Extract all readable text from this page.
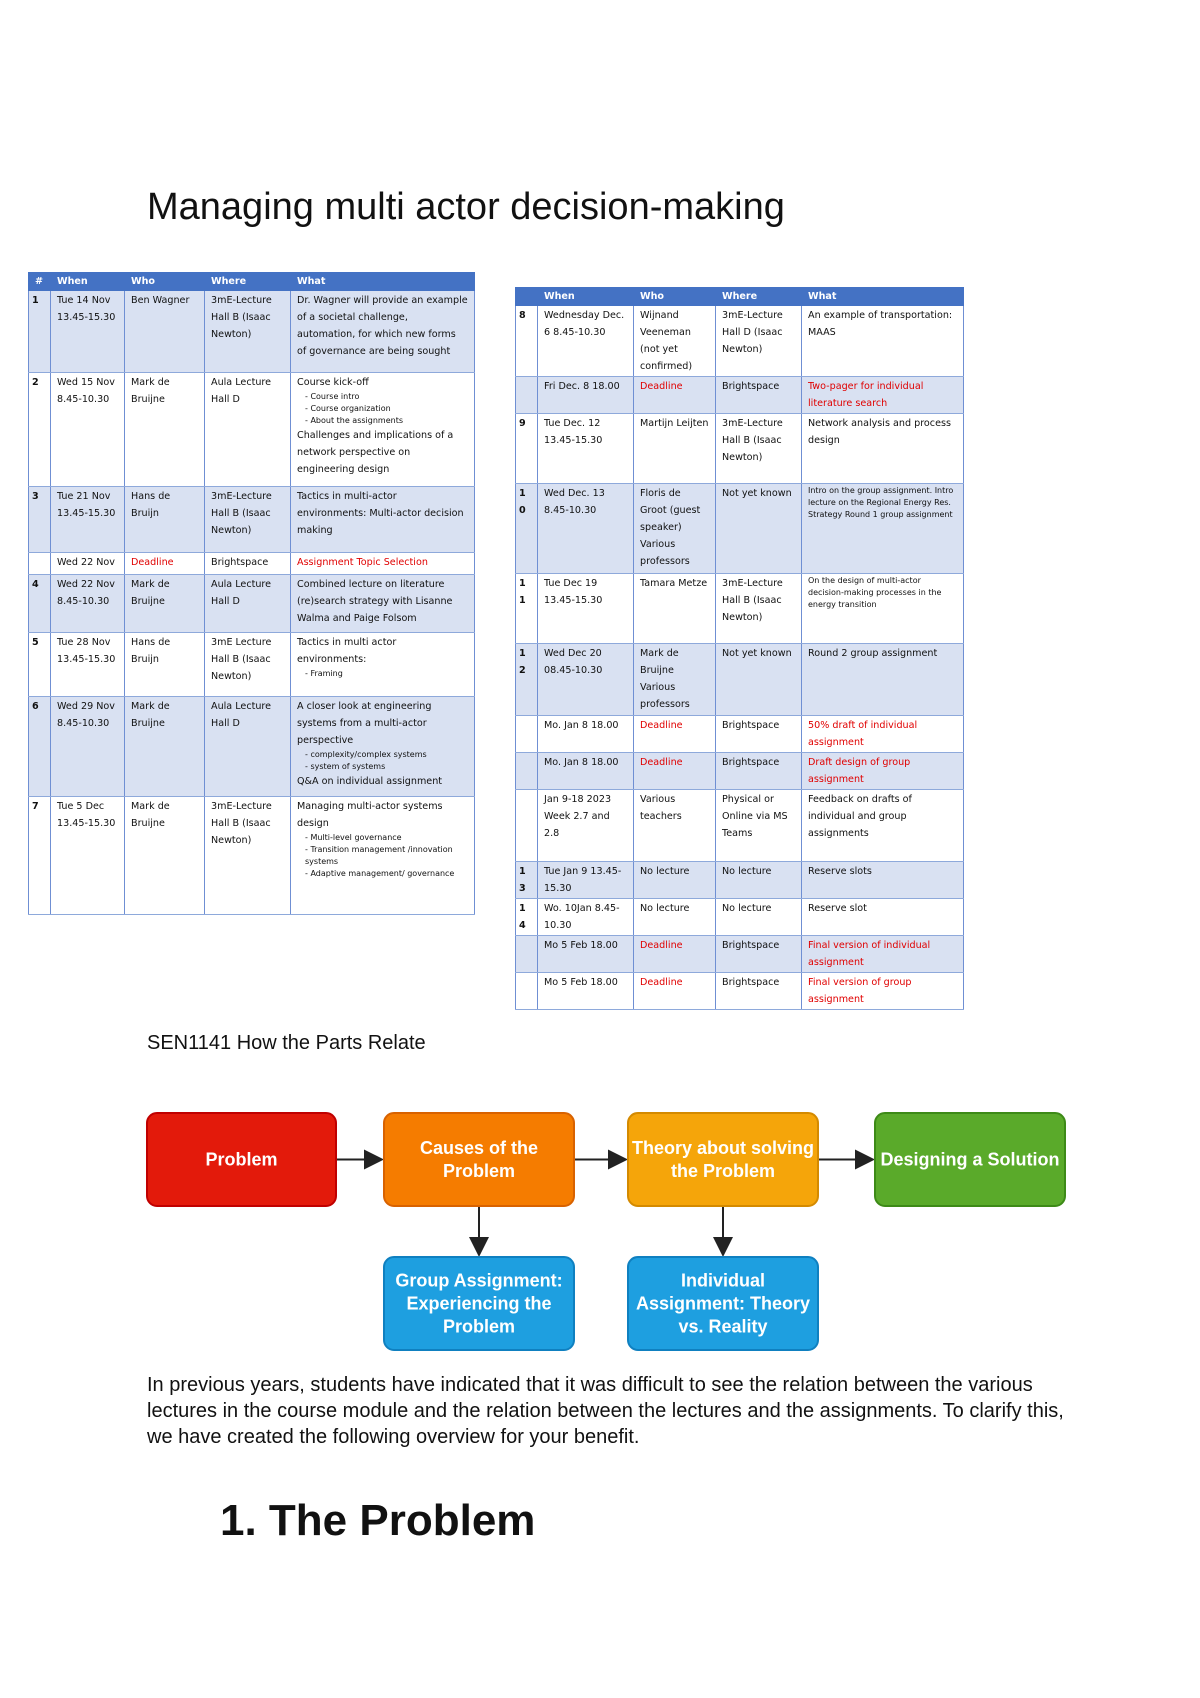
Managing multi actor decision-making
#	When	Who	Where	What
1	Tue 14 Nov 13.45-15.30	Ben Wagner	3mE-Lecture Hall B (Isaac Newton)	Dr. Wagner will provide an example of a societal challenge, automation, for which new forms of governance are being sought
2	Wed 15 Nov 8.45-10.30	Mark de Bruijne	Aula Lecture Hall D	Course kick-off
- Course intro
- Course organization
- About the assignments
Challenges and implications of a network perspective on engineering design

3	Tue 21 Nov 13.45-15.30	Hans de Bruijn	3mE-Lecture Hall B (Isaac Newton)	Tactics in multi-actor environments: Multi-actor decision making
	Wed 22 Nov	Deadline	Brightspace	Assignment Topic Selection
4	Wed 22 Nov 8.45-10.30	Mark de Bruijne	Aula Lecture Hall D	Combined lecture on literature (re)search strategy with Lisanne Walma and Paige Folsom
5	Tue 28 Nov 13.45-15.30	Hans de Bruijn	3mE Lecture Hall B (Isaac Newton)	Tactics in multi actor environments:
- Framing

6	Wed 29 Nov 8.45-10.30	Mark de Bruijne	Aula Lecture Hall D	A closer look at engineering systems from a multi-actor perspective
- complexity/complex systems
- system of systems
Q&A on individual assignment

7	Tue 5 Dec 13.45-15.30	Mark de Bruijne	3mE-Lecture Hall B (Isaac Newton)	Managing multi-actor systems design
- Multi-level governance
- Transition management /innovation systems
- Adaptive management/ governance
	When	Who	Where	What
8	Wednesday Dec. 6 8.45-10.30	Wijnand Veeneman (not yet confirmed)	3mE-Lecture Hall D (Isaac Newton)	An example of transportation: MAAS
	Fri Dec. 8 18.00	Deadline	Brightspace	Two-pager for individual literature search
9	Tue Dec. 12 13.45-15.30	Martijn Leijten	3mE-Lecture Hall B (Isaac Newton)	Network analysis and process design
1 0	Wed Dec. 13 8.45-10.30	Floris de Groot (guest speaker) Various professors	Not yet known	Intro on the group assignment. Intro lecture on the Regional Energy Res. Strategy Round 1 group assignment
1 1	Tue Dec 19 13.45-15.30	Tamara Metze	3mE-Lecture Hall B (Isaac Newton)	On the design of multi-actor decision-making processes in the energy transition
1 2	Wed Dec 20 08.45-10.30	Mark de Bruijne Various professors	Not yet known	Round 2 group assignment
	Mo. Jan 8 18.00	Deadline	Brightspace	50% draft of individual assignment
	Mo. Jan 8 18.00	Deadline	Brightspace	Draft design of group assignment
	Jan 9-18 2023 Week 2.7 and 2.8	Various teachers	Physical or Online via MS Teams	Feedback on drafts of individual and group assignments
1 3	Tue Jan 9 13.45-15.30	No lecture	No lecture	Reserve slots
1 4	Wo. 10Jan 8.45-10.30	No lecture	No lecture	Reserve slot
	Mo 5 Feb 18.00	Deadline	Brightspace	Final version of individual assignment
	Mo 5 Feb 18.00	Deadline	Brightspace	Final version of group assignment
SEN1141 How the Parts Relate
Problem
Causes of the
Problem
Theory about solving
the Problem
Designing a Solution
Group Assignment:
Experiencing the
Problem
Individual
Assignment: Theory
vs. Reality

In previous years, students have indicated that it was difficult to see the relation between the various lectures in the course module and the relation between the lectures and the assignments. To clarify this, we have created the following overview for your benefit.

1. The Problem
